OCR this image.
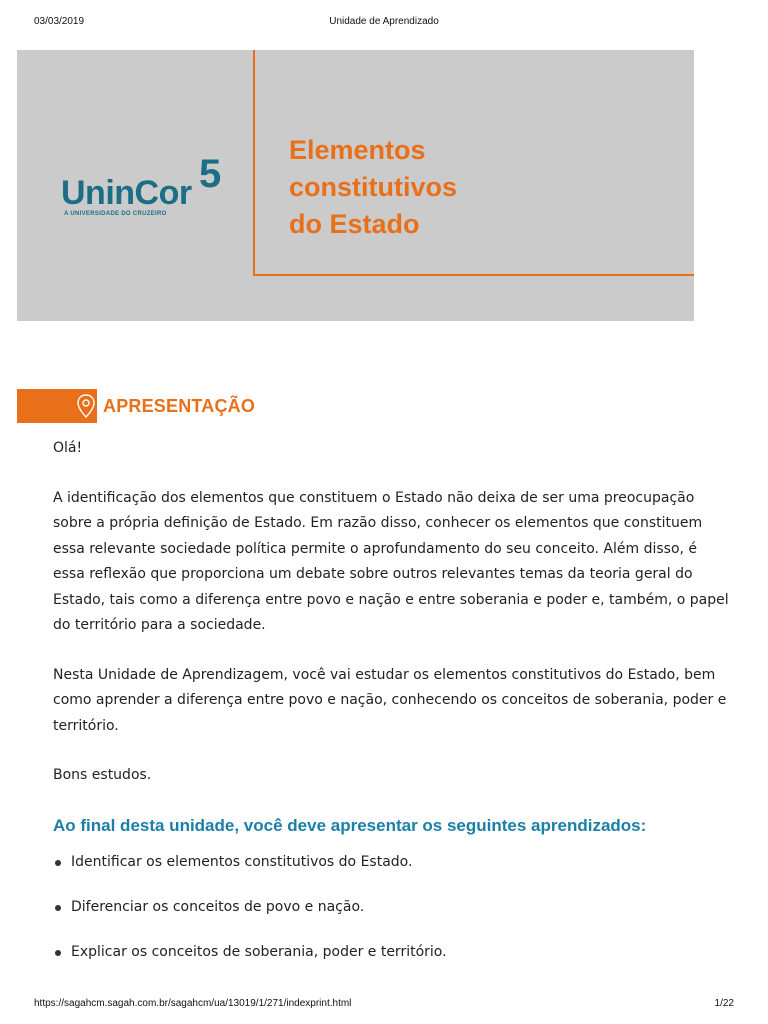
03/03/2019	Unidade de Aprendizado
UninCor 5
A UNIVERSIDADE DO CRUZEIRO
Elementos
constitutivos
do Estado
APRESENTAÇÃO

Olá!

A identificação dos elementos que constituem o Estado não deixa de ser uma preocupação sobre a própria definição de Estado. Em razão disso, conhecer os elementos que constituem essa relevante sociedade política permite o aprofundamento do seu conceito. Além disso, é essa reflexão que proporciona um debate sobre outros relevantes temas da teoria geral do Estado, tais como a diferença entre povo e nação e entre soberania e poder e, também, o papel do território para a sociedade.

Nesta Unidade de Aprendizagem, você vai estudar os elementos constitutivos do Estado, bem como aprender a diferença entre povo e nação, conhecendo os conceitos de soberania, poder e território.

Bons estudos.

Ao final desta unidade, você deve apresentar os seguintes aprendizados:
Identificar os elementos constitutivos do Estado.
Diferenciar os conceitos de povo e nação.
Explicar os conceitos de soberania, poder e território.
https://sagahcm.sagah.com.br/sagahcm/ua/13019/1/271/indexprint.html	1/22
